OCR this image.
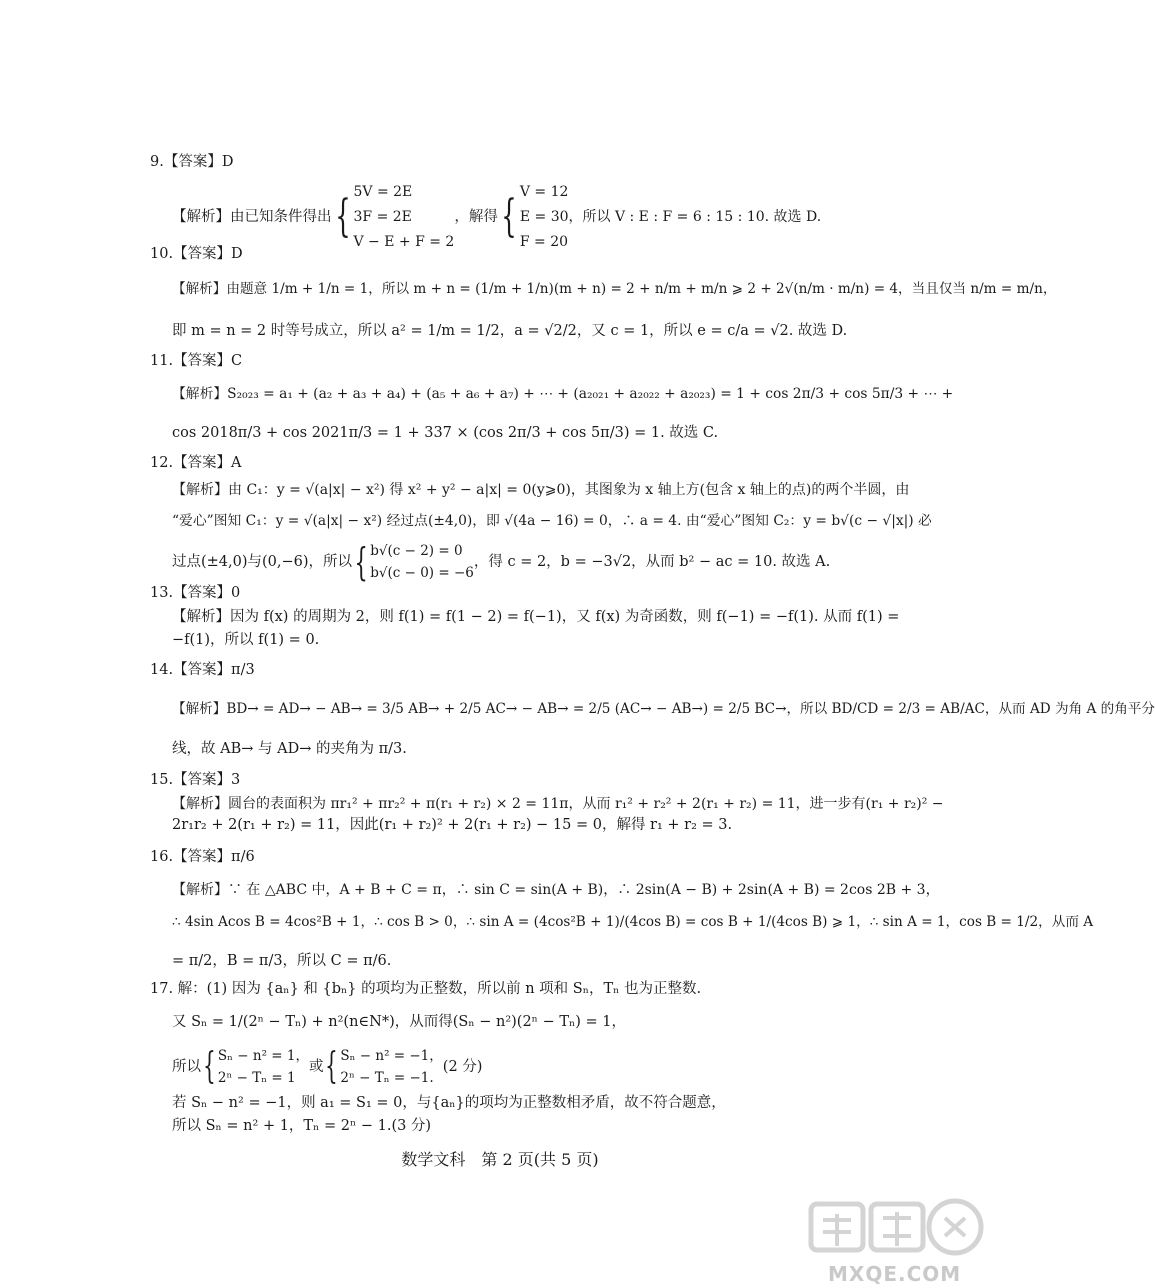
9.【答案】D
【解析】由已知条件得出{ 5V = 2E
3F = 2E
V − E + F = 2，解得{ V = 12
E = 30，所以 V : E : F = 6 : 15 : 10. 故选 D.
F = 20
10.【答案】D
【解析】由题意 1/m + 1/n = 1，所以 m + n = (1/m + 1/n)(m + n) = 2 + n/m + m/n ⩾ 2 + 2√(n/m · m/n) = 4，当且仅当 n/m = m/n，
即 m = n = 2 时等号成立，所以 a² = 1/m = 1/2，a = √2/2，又 c = 1，所以 e = c/a = √2. 故选 D.
11.【答案】C
【解析】S₂₀₂₃ = a₁ + (a₂ + a₃ + a₄) + (a₅ + a₆ + a₇) + ⋯ + (a₂₀₂₁ + a₂₀₂₂ + a₂₀₂₃) = 1 + cos 2π/3 + cos 5π/3 + ⋯ +
cos 2018π/3 + cos 2021π/3 = 1 + 337 × (cos 2π/3 + cos 5π/3) = 1. 故选 C.
12.【答案】A
【解析】由 C₁：y = √(a|x| − x²) 得 x² + y² − a|x| = 0(y⩾0)，其图象为 x 轴上方(包含 x 轴上的点)的两个半圆，由
“爱心”图知 C₁：y = √(a|x| − x²) 经过点(±4,0)，即 √(4a − 16) = 0，∴ a = 4. 由“爱心”图知 C₂：y = b√(c − √|x|) 必
过点(±4,0)与(0,−6)，所以{ b√(c − 2) = 0
b√(c − 0) = −6，得 c = 2，b = −3√2，从而 b² − ac = 10. 故选 A.
13.【答案】0
【解析】因为 f(x) 的周期为 2，则 f(1) = f(1 − 2) = f(−1)，又 f(x) 为奇函数，则 f(−1) = −f(1). 从而 f(1) =
−f(1)，所以 f(1) = 0.
14.【答案】π/3
【解析】BD→ = AD→ − AB→ = 3/5 AB→ + 2/5 AC→ − AB→ = 2/5 (AC→ − AB→) = 2/5 BC→，所以 BD/CD = 2/3 = AB/AC，从而 AD 为角 A 的角平分
线，故 AB→ 与 AD→ 的夹角为 π/3.
15.【答案】3
【解析】圆台的表面积为 πr₁² + πr₂² + π(r₁ + r₂) × 2 = 11π，从而 r₁² + r₂² + 2(r₁ + r₂) = 11，进一步有(r₁ + r₂)² −
2r₁r₂ + 2(r₁ + r₂) = 11，因此(r₁ + r₂)² + 2(r₁ + r₂) − 15 = 0，解得 r₁ + r₂ = 3.
16.【答案】π/6
【解析】∵ 在 △ABC 中，A + B + C = π，∴ sin C = sin(A + B)，∴ 2sin(A − B) + 2sin(A + B) = 2cos 2B + 3，
∴ 4sin Acos B = 4cos²B + 1，∴ cos B > 0，∴ sin A = (4cos²B + 1)/(4cos B) = cos B + 1/(4cos B) ⩾ 1，∴ sin A = 1，cos B = 1/2，从而 A
= π/2，B = π/3，所以 C = π/6.
17. 解：(1) 因为 {aₙ} 和 {bₙ} 的项均为正整数，所以前 n 项和 Sₙ，Tₙ 也为正整数.
又 Sₙ = 1/(2ⁿ − Tₙ) + n²(n∈N*)，从而得(Sₙ − n²)(2ⁿ − Tₙ) = 1，
所以{ Sₙ − n² = 1，
2ⁿ − Tₙ = 1或{ Sₙ − n² = −1，
2ⁿ − Tₙ = −1.(2 分)
若 Sₙ − n² = −1，则 a₁ = S₁ = 0，与{aₙ}的项均为正整数相矛盾，故不符合题意，
所以 Sₙ = n² + 1，Tₙ = 2ⁿ − 1.(3 分)
数学文科　第 2 页(共 5 页)
MXQE.COM
